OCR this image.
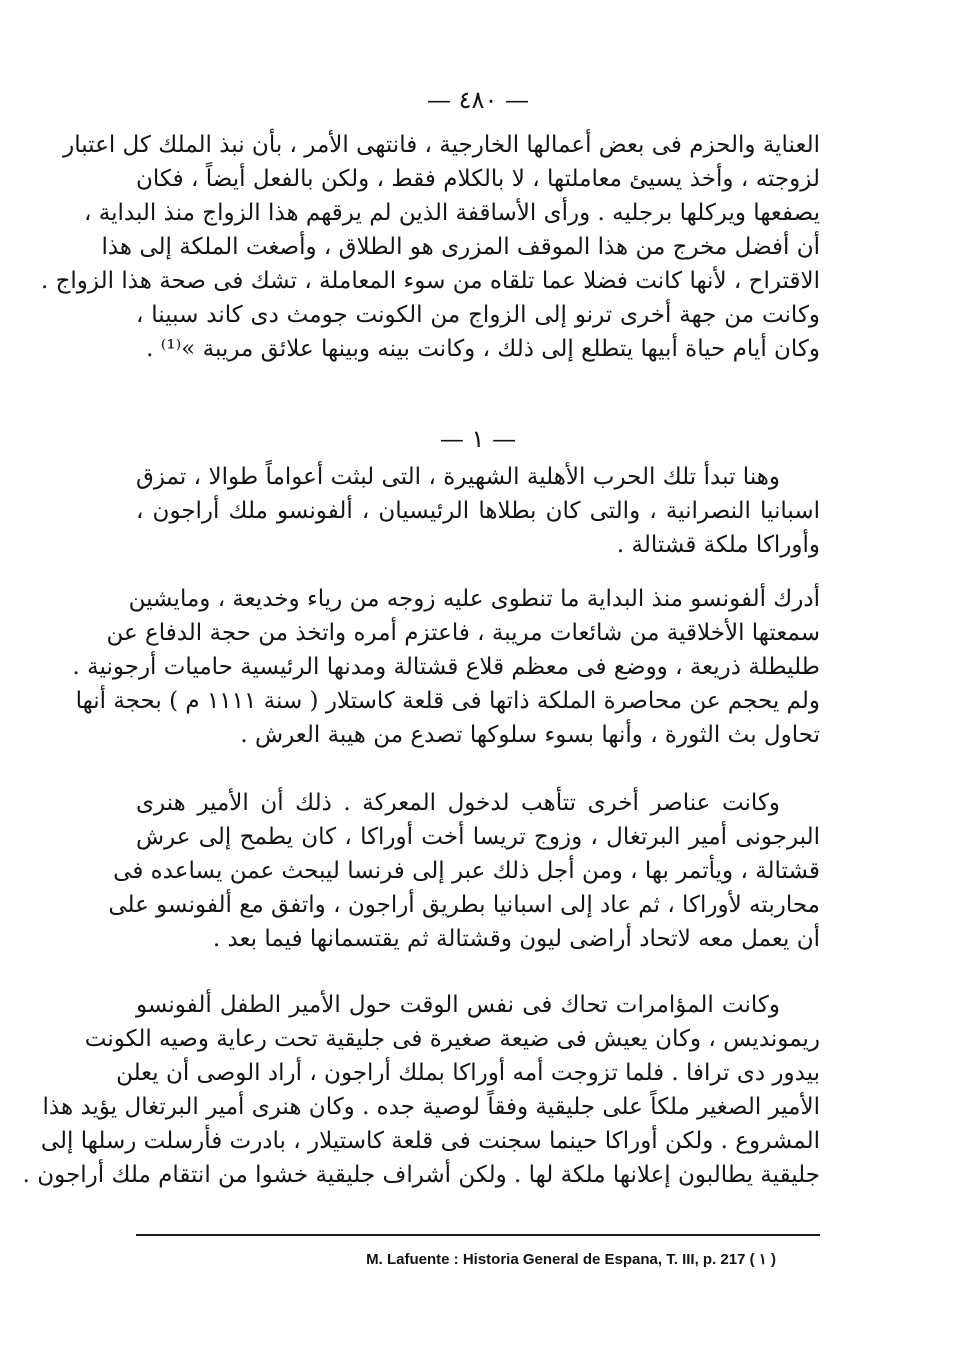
— ٤٨٠ —
العناية والحزم فى بعض أعمالها الخارجية ، فانتهى الأمر ، بأن نبذ الملك كل اعتبار
لزوجته ، وأخذ يسيئ معاملتها ، لا بالكلام فقط ، ولكن بالفعل أيضاً ، فكان
يصفعها ويركلها برجليه . ورأى الأساقفة الذين لم يرقهم هذا الزواج منذ البداية ،
أن أفضل مخرج من هذا الموقف المزرى هو الطلاق ، وأصغت الملكة إلى هذا
الاقتراح ، لأنها كانت فضلا عما تلقاه من سوء المعاملة ، تشك فى صحة هذا الزواج .
وكانت من جهة أخرى ترنو إلى الزواج من الكونت جومث دى كاند سبينا ،
وكان أيام حياة أبيها يتطلع إلى ذلك ، وكانت بينه وبينها علائق مريبة »⁽¹⁾ .
— ١ —
وهنا تبدأ تلك الحرب الأهلية الشهيرة ، التى لبثت أعواماً طوالا ، تمزق
اسبانيا النصرانية ، والتى كان بطلاها الرئيسيان ، ألفونسو ملك أراجون ،
وأوراكا ملكة قشتالة .
أدرك ألفونسو منذ البداية ما تنطوى عليه زوجه من رياء وخديعة ، ومايشين
سمعتها الأخلاقية من شائعات مريبة ، فاعتزم أمره واتخذ من حجة الدفاع عن
طليطلة ذريعة ، ووضع فى معظم قلاع قشتالة ومدنها الرئيسية حاميات أرجونية .
ولم يحجم عن محاصرة الملكة ذاتها فى قلعة كاستلار ( سنة ١١١١ م ) بحجة أنها
تحاول بث الثورة ، وأنها بسوء سلوكها تصدع من هيبة العرش .
وكانت عناصر أخرى تتأهب لدخول المعركة . ذلك أن الأمير هنرى
البرجونى أمير البرتغال ، وزوج تريسا أخت أوراكا ، كان يطمح إلى عرش
قشتالة ، ويأتمر بها ، ومن أجل ذلك عبر إلى فرنسا ليبحث عمن يساعده فى
محاربته لأوراكا ، ثم عاد إلى اسبانيا بطريق أراجون ، واتفق مع ألفونسو على
أن يعمل معه لاتحاد أراضى ليون وقشتالة ثم يقتسمانها فيما بعد .
وكانت المؤامرات تحاك فى نفس الوقت حول الأمير الطفل ألفونسو
ريمونديس ، وكان يعيش فى ضيعة صغيرة فى جليقية تحت رعاية وصيه الكونت
بيدور دى ترافا . فلما تزوجت أمه أوراكا بملك أراجون ، أراد الوصى أن يعلن
الأمير الصغير ملكاً على جليقية وفقاً لوصية جده . وكان هنرى أمير البرتغال يؤيد هذا
المشروع . ولكن أوراكا حينما سجنت فى قلعة كاستيلار ، بادرت فأرسلت رسلها إلى
جليقية يطالبون إعلانها ملكة لها . ولكن أشراف جليقية خشوا من انتقام ملك أراجون .
M. Lafuente : Historia General de Espana, T. III, p. 217 ( ١ )
